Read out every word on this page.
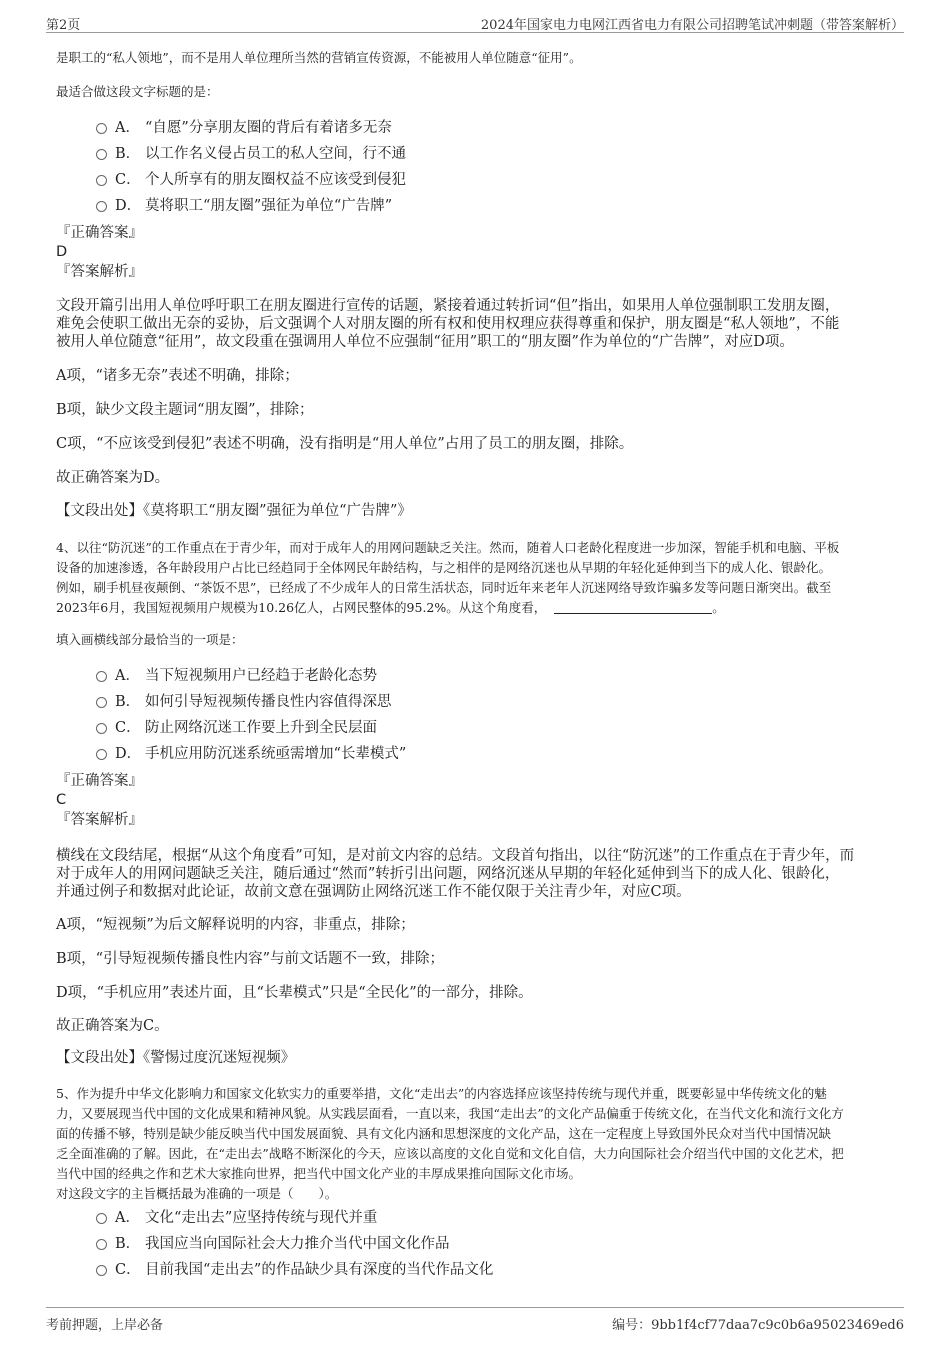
第2页	2024年国家电力电网江西省电力有限公司招聘笔试冲刺题（带答案解析）
是职工的“私人领地”，而不是用人单位理所当然的营销宣传资源，不能被用人单位随意“征用”。
最适合做这段文字标题的是：
A． “自愿”分享朋友圈的背后有着诸多无奈
B． 以工作名义侵占员工的私人空间，行不通
C． 个人所享有的朋友圈权益不应该受到侵犯
D． 莫将职工“朋友圈”强征为单位“广告牌”
『正确答案』
D
『答案解析』
文段开篇引出用人单位呼吁职工在朋友圈进行宣传的话题，紧接着通过转折词“但”指出，如果用人单位强制职工发朋友圈，
难免会使职工做出无奈的妥协，后文强调个人对朋友圈的所有权和使用权理应获得尊重和保护，朋友圈是“私人领地”，不能
被用人单位随意“征用”，故文段重在强调用人单位不应强制“征用”职工的“朋友圈”作为单位的“广告牌”，对应D项。
A项，“诸多无奈”表述不明确，排除；
B项，缺少文段主题词“朋友圈”，排除；
C项，“不应该受到侵犯”表述不明确，没有指明是“用人单位”占用了员工的朋友圈，排除。
故正确答案为D。
【文段出处】《莫将职工“朋友圈”强征为单位“广告牌”》
4、以往“防沉迷”的工作重点在于青少年，而对于成年人的用网问题缺乏关注。然而，随着人口老龄化程度进一步加深，智能手机和电脑、平板
设备的加速渗透，各年龄段用户占比已经趋同于全体网民年龄结构，与之相伴的是网络沉迷也从早期的年轻化延伸到当下的成人化、银龄化。
例如，刷手机昼夜颠倒、“茶饭不思”，已经成了不少成年人的日常生活状态，同时近年来老年人沉迷网络导致诈骗多发等问题日渐突出。截至
2023年6月，我国短视频用户规模为10.26亿人，占网民整体的95.2%。从这个角度看，	。
填入画横线部分最恰当的一项是：
A． 当下短视频用户已经趋于老龄化态势
B． 如何引导短视频传播良性内容值得深思
C． 防止网络沉迷工作要上升到全民层面
D． 手机应用防沉迷系统亟需增加“长辈模式”
『正确答案』
C
『答案解析』
横线在文段结尾，根据“从这个角度看”可知，是对前文内容的总结。文段首句指出，以往“防沉迷”的工作重点在于青少年，而
对于成年人的用网问题缺乏关注，随后通过“然而”转折引出问题，网络沉迷从早期的年轻化延伸到当下的成人化、银龄化，
并通过例子和数据对此论证，故前文意在强调防止网络沉迷工作不能仅限于关注青少年，对应C项。
A项，“短视频”为后文解释说明的内容，非重点，排除；
B项，“引导短视频传播良性内容”与前文话题不一致，排除；
D项，“手机应用”表述片面，且“长辈模式”只是“全民化”的一部分，排除。
故正确答案为C。
【文段出处】《警惕过度沉迷短视频》
5、作为提升中华文化影响力和国家文化软实力的重要举措，文化“走出去”的内容选择应该坚持传统与现代并重，既要彰显中华传统文化的魅
力，又要展现当代中国的文化成果和精神风貌。从实践层面看，一直以来，我国“走出去”的文化产品偏重于传统文化，在当代文化和流行文化方
面的传播不够，特别是缺少能反映当代中国发展面貌、具有文化内涵和思想深度的文化产品，这在一定程度上导致国外民众对当代中国情况缺
乏全面准确的了解。因此，在“走出去”战略不断深化的今天，应该以高度的文化自觉和文化自信，大力向国际社会介绍当代中国的文化艺术，把
当代中国的经典之作和艺术大家推向世界，把当代中国文化产业的丰厚成果推向国际文化市场。
对这段文字的主旨概括最为准确的一项是（　　）。
A． 文化“走出去”应坚持传统与现代并重
B． 我国应当向国际社会大力推介当代中国文化作品
C． 目前我国“走出去”的作品缺少具有深度的当代作品文化
考前押题，上岸必备	编号：9bb1f4cf77daa7c9c0b6a95023469ed6
